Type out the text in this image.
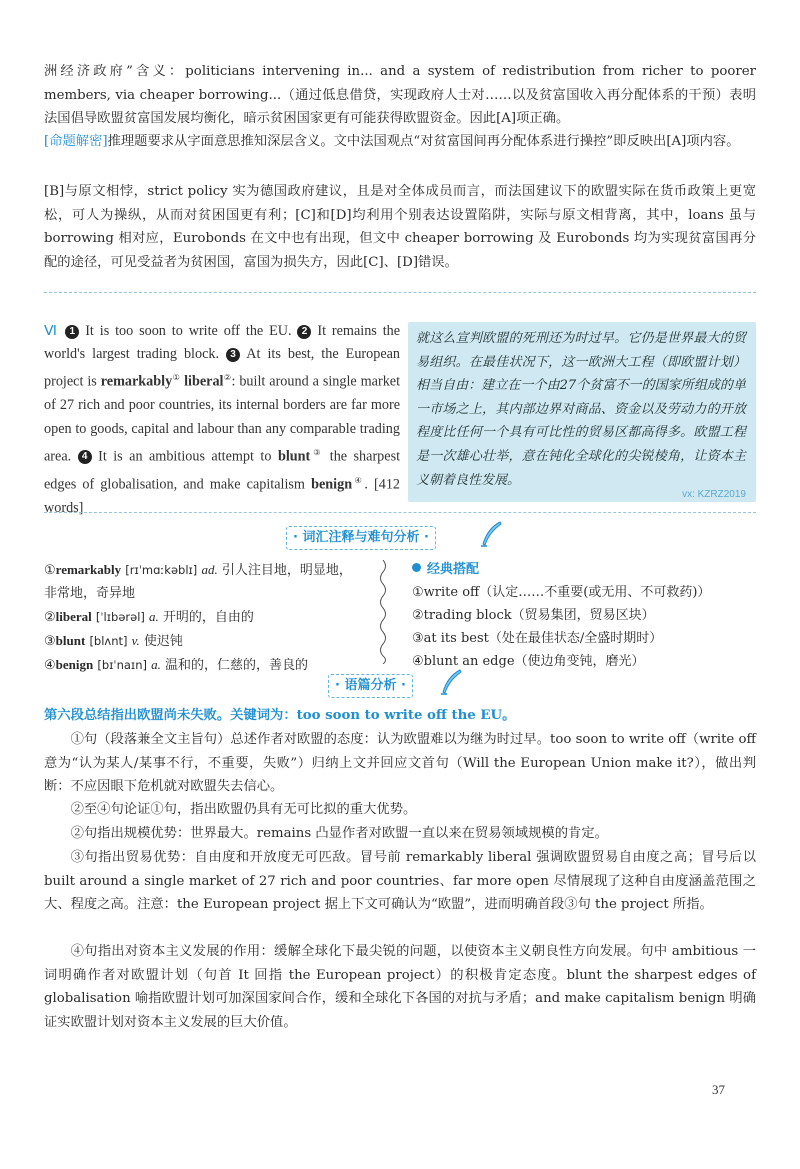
洲经济政府”含义：politicians intervening in... and a system of redistribution from richer to poorer members, via cheaper borrowing...（通过低息借贷，实现政府人士对……以及贫富国收入再分配体系的干预）表明法国倡导欧盟贫富国发展均衡化，暗示贫困国家更有可能获得欧盟资金。因此[A]项正确。

[命题解密]推理题要求从字面意思推知深层含义。文中法国观点“对贫富国间再分配体系进行操控”即反映出[A]项内容。

[B]与原文相悖，strict policy 实为德国政府建议，且是对全体成员而言，而法国建议下的欧盟实际在货币政策上更宽松，可人为操纵，从而对贫困国更有利；[C]和[D]均利用个别表达设置陷阱，实际与原文相背离，其中，loans 虽与 borrowing 相对应，Eurobonds 在文中也有出现，但文中 cheaper borrowing 及 Eurobonds 均为实现贫富国再分配的途径，可见受益者为贫困国，富国为损失方，因此[C]、[D]错误。

Ⅵ 1 It is too soon to write off the EU. 2 It remains the world's largest trading block. 3 At its best, the European project is remarkably① liberal②: built around a single market of 27 rich and poor countries, its internal borders are far more open to goods, capital and labour than any comparable trading area. 4 It is an ambitious attempt to blunt③ the sharpest edges of globalisation, and make capitalism benign④. [412 words]
就这么宣判欧盟的死刑还为时过早。它仍是世界最大的贸易组织。在最佳状况下，这一欧洲大工程（即欧盟计划）相当自由：建立在一个由27个贫富不一的国家所组成的单一市场之上，其内部边界对商品、资金以及劳动力的开放程度比任何一个具有可比性的贸易区都高得多。欧盟工程是一次雄心壮举，意在钝化全球化的尖锐棱角，让资本主义朝着良性发展。
vx: KZRZ2019
· 词汇注释与难句分析 ·
①remarkably [rɪˈmɑːkəblɪ] ad. 引人注目地，明显地，非常地，奇异地
②liberal [ˈlɪbərəl] a. 开明的，自由的
③blunt [blʌnt] v. 使迟钝
④benign [bɪˈnaɪn] a. 温和的，仁慈的，善良的
经典搭配
①write off（认定……不重要(或无用、不可救药)）
②trading block（贸易集团，贸易区块）
③at its best（处在最佳状态/全盛时期时）
④blunt an edge（使边角变钝，磨光）
· 语篇分析 ·

第六段总结指出欧盟尚未失败。关键词为：too soon to write off the EU。

①句（段落兼全文主旨句）总述作者对欧盟的态度：认为欧盟难以为继为时过早。too soon to write off（write off 意为“认为某人/某事不行，不重要，失败”）归纳上文并回应文首句（Will the European Union make it?），做出判断：不应因眼下危机就对欧盟失去信心。

②至④句论证①句，指出欧盟仍具有无可比拟的重大优势。

②句指出规模优势：世界最大。remains 凸显作者对欧盟一直以来在贸易领域规模的肯定。

③句指出贸易优势：自由度和开放度无可匹敌。冒号前 remarkably liberal 强调欧盟贸易自由度之高；冒号后以 built around a single market of 27 rich and poor countries、far more open 尽情展现了这种自由度涵盖范围之大、程度之高。注意：the European project 据上下文可确认为“欧盟”，进而明确首段③句 the project 所指。

④句指出对资本主义发展的作用：缓解全球化下最尖锐的问题，以使资本主义朝良性方向发展。句中 ambitious 一词明确作者对欧盟计划（句首 It 回指 the European project）的积极肯定态度。blunt the sharpest edges of globalisation 喻指欧盟计划可加深国家间合作，缓和全球化下各国的对抗与矛盾；and make capitalism benign 明确证实欧盟计划对资本主义发展的巨大价值。

37
